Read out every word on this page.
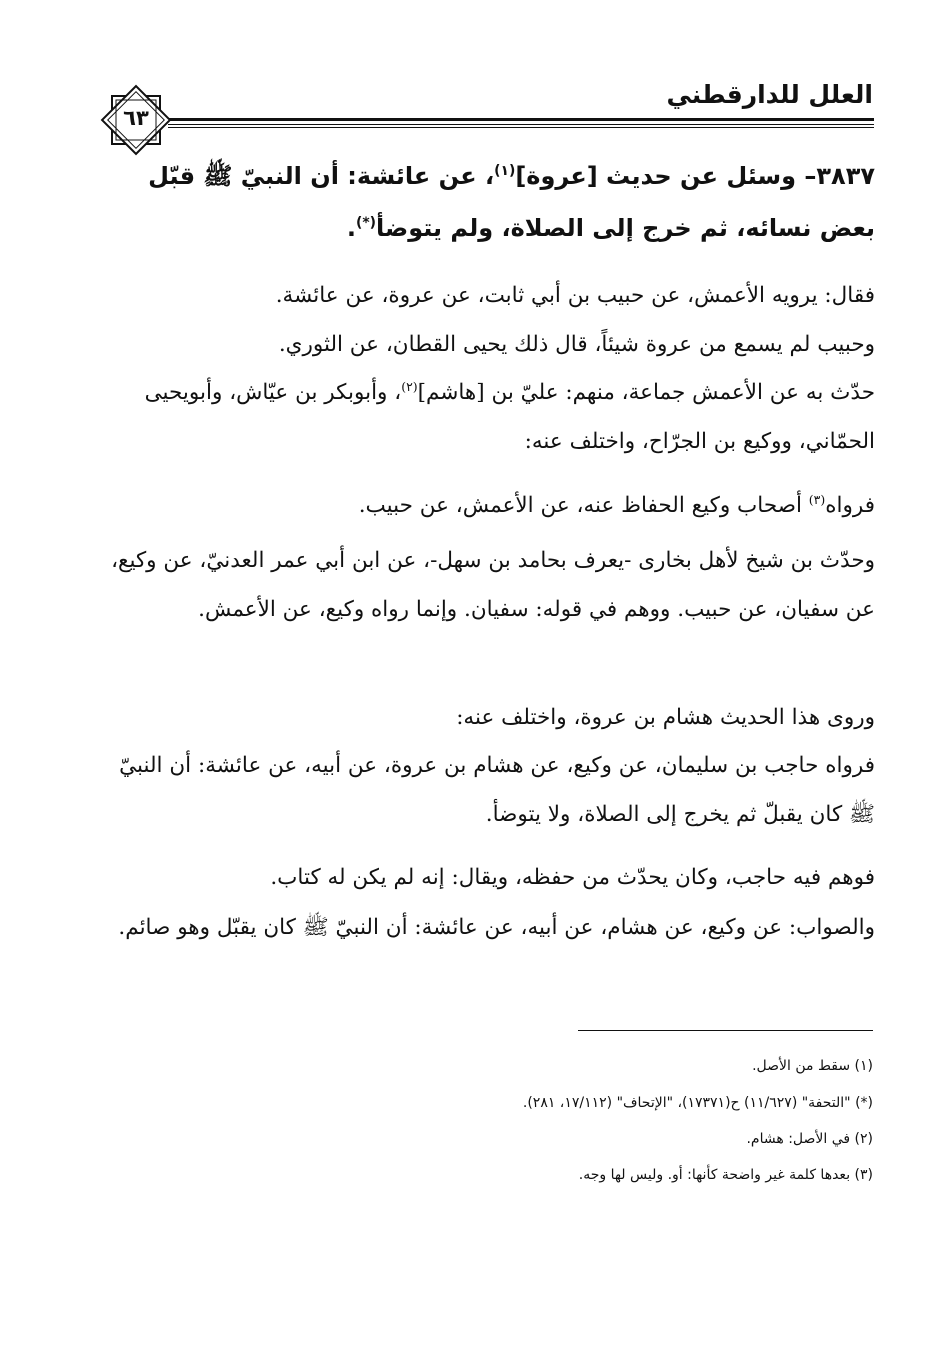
العلل للدارقطني
٦٣

٣٨٣٧– وسئل عن حديث [عروة]$^{(١)}$، عن عائشة: أن النبيّ ﷺ قبّل بعض نسائه، ثم خرج إلى الصلاة، ولم يتوضأ(*).

فقال: يرويه الأعمش، عن حبيب بن أبي ثابت، عن عروة، عن عائشة.

وحبيب لم يسمع من عروة شيئاً، قال ذلك يحيى القطان، عن الثوري.

حدّث به عن الأعمش جماعة، منهم: عليّ بن [هاشم]$^{(٢)}$، وأبوبكر بن عيّاش، وأبويحيى الحمّاني، ووكيع بن الجرّاح، واختلف عنه:

فرواه$^{(٣)}$ أصحاب وكيع الحفاظ عنه، عن الأعمش، عن حبيب.

وحدّث بن شيخ لأهل بخارى -يعرف بحامد بن سهل-، عن ابن أبي عمر العدنيّ، عن وكيع، عن سفيان، عن حبيب. ووهم في قوله: سفيان. وإنما رواه وكيع، عن الأعمش.

وروى هذا الحديث هشام بن عروة، واختلف عنه:

فرواه حاجب بن سليمان، عن وكيع، عن هشام بن عروة، عن أبيه، عن عائشة: أن النبيّ ﷺ كان يقبلّ ثم يخرج إلى الصلاة، ولا يتوضأ.

فوهم فيه حاجب، وكان يحدّث من حفظه، ويقال: إنه لم يكن له كتاب.

والصواب: عن وكيع، عن هشام، عن أبيه، عن عائشة: أن النبيّ ﷺ كان يقبّل وهو صائم.

(١) سقط من الأصل.

(*) "التحفة" (١١/٦٢٧) ح(١٧٣٧١)، "الإتحاف" (١٧/١١٢، ٢٨١).

(٢) في الأصل: هشام.

(٣) بعدها كلمة غير واضحة كأنها: أو. وليس لها وجه.
